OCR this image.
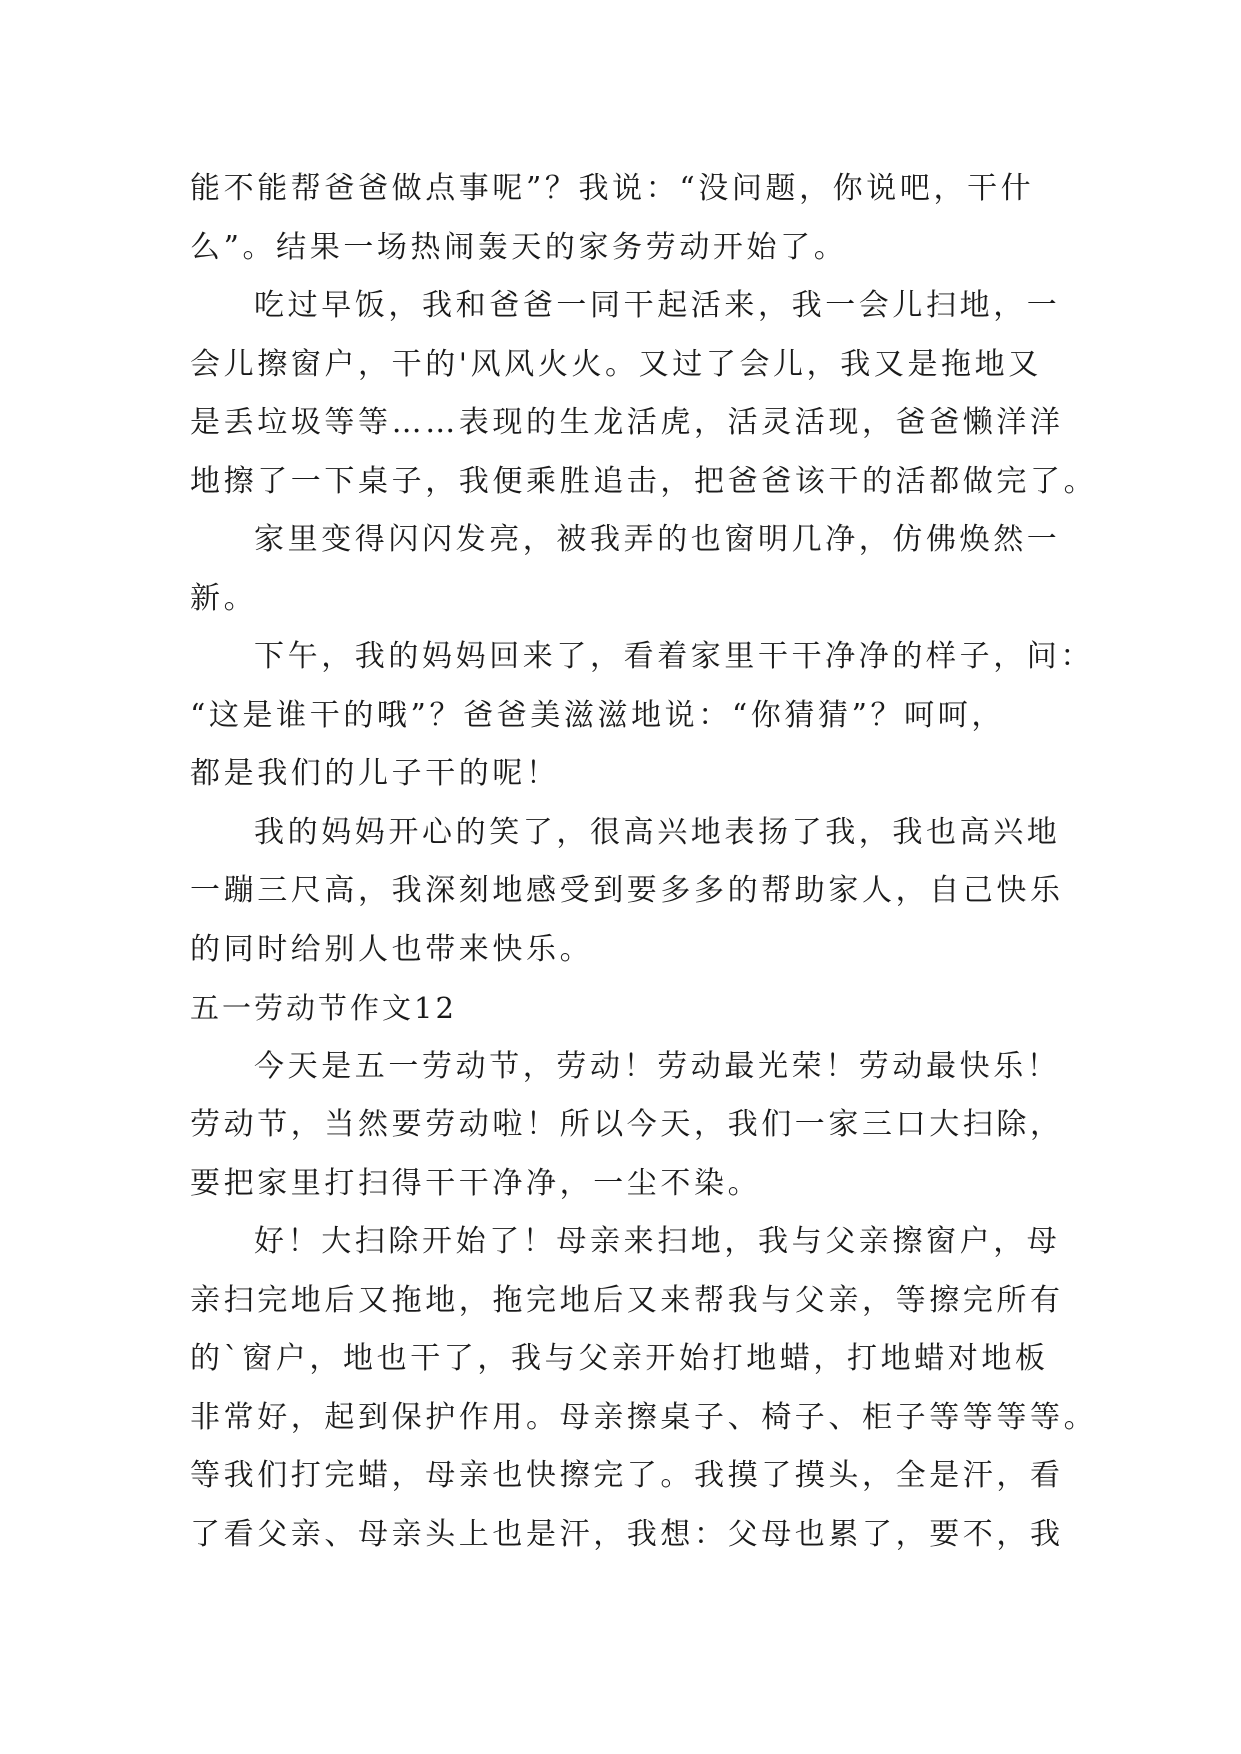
能不能帮爸爸做点事呢”？我说：“没问题，你说吧，干什
么”。结果一场热闹轰天的家务劳动开始了。
吃过早饭，我和爸爸一同干起活来，我一会儿扫地，一
会儿擦窗户，干的'风风火火。又过了会儿，我又是拖地又
是丢垃圾等等……表现的生龙活虎，活灵活现，爸爸懒洋洋
地擦了一下桌子，我便乘胜追击，把爸爸该干的活都做完了。
家里变得闪闪发亮，被我弄的也窗明几净，仿佛焕然一
新。
下午，我的妈妈回来了，看着家里干干净净的样子，问：
“这是谁干的哦”？爸爸美滋滋地说：“你猜猜”？呵呵，
都是我们的儿子干的呢！
我的妈妈开心的笑了，很高兴地表扬了我，我也高兴地
一蹦三尺高，我深刻地感受到要多多的帮助家人，自己快乐
的同时给别人也带来快乐。
五一劳动节作文12
今天是五一劳动节，劳动！劳动最光荣！劳动最快乐！
劳动节，当然要劳动啦！所以今天，我们一家三口大扫除，
要把家里打扫得干干净净，一尘不染。
好！大扫除开始了！母亲来扫地，我与父亲擦窗户，母
亲扫完地后又拖地，拖完地后又来帮我与父亲，等擦完所有
的`窗户，地也干了，我与父亲开始打地蜡，打地蜡对地板
非常好，起到保护作用。母亲擦桌子、椅子、柜子等等等等。
等我们打完蜡，母亲也快擦完了。我摸了摸头，全是汗，看
了看父亲、母亲头上也是汗，我想：父母也累了，要不，我
